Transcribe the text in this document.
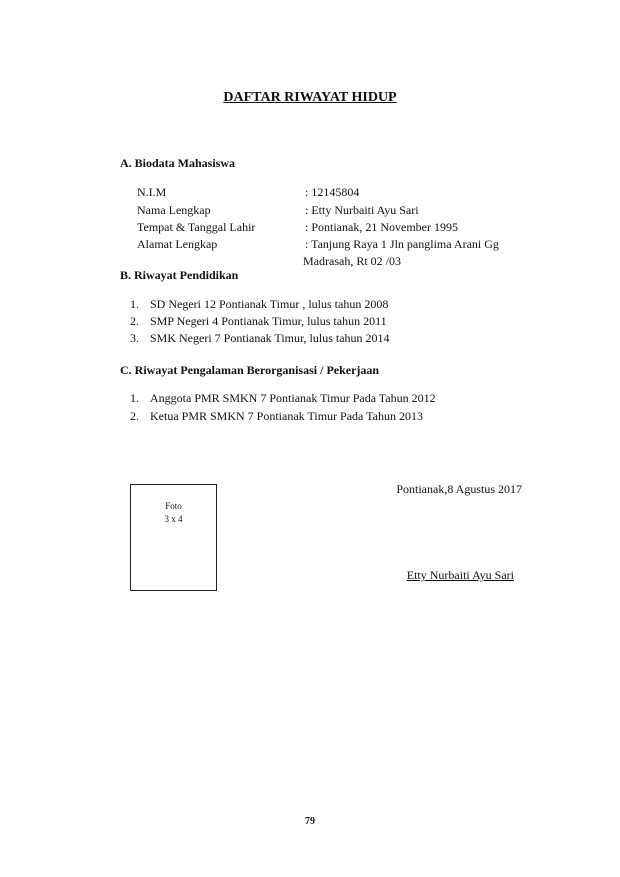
DAFTAR RIWAYAT HIDUP
A. Biodata Mahasiswa
N.I.M	: 12145804
Nama Lengkap	: Etty Nurbaiti Ayu Sari
Tempat & Tanggal Lahir	: Pontianak, 21 November 1995
Alamat Lengkap	: Tanjung Raya 1 Jln panglima Arani Gg
Madrasah, Rt 02 /03
B. Riwayat Pendidikan
1. SD Negeri 12 Pontianak Timur , lulus tahun 2008
2. SMP Negeri 4 Pontianak Timur, lulus tahun 2011
3. SMK Negeri 7 Pontianak Timur, lulus tahun 2014
C. Riwayat Pengalaman Berorganisasi / Pekerjaan
1. Anggota PMR SMKN 7 Pontianak Timur Pada Tahun 2012
2. Ketua PMR SMKN 7 Pontianak Timur Pada Tahun 2013
Foto
3 x 4
Pontianak,8 Agustus 2017
Etty Nurbaiti Ayu Sari
79
